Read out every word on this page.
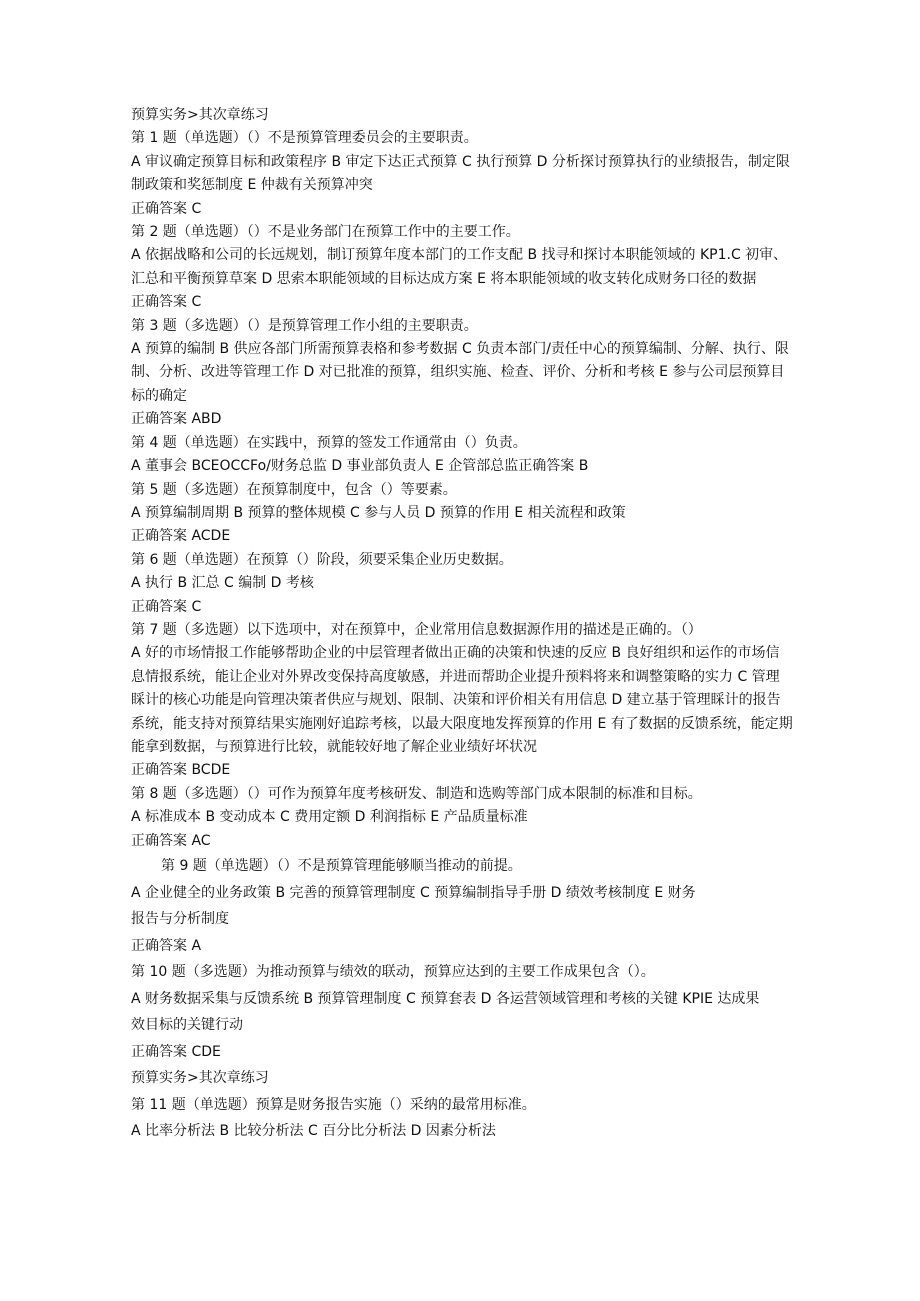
预算实务>其次章练习
第 1 题（单选题）（）不是预算管理委员会的主要职责。
A 审议确定预算目标和政策程序 B 审定下达正式预算 C 执行预算 D 分析探讨预算执行的业绩报告，制定限制政策和奖惩制度 E 仲裁有关预算冲突
正确答案 C
第 2 题（单选题）（）不是业务部门在预算工作中的主要工作。
A 依据战略和公司的长远规划，制订预算年度本部门的工作支配 B 找寻和探讨本职能领域的 KP1.C 初审、汇总和平衡预算草案 D 思索本职能领域的目标达成方案 E 将本职能领域的收支转化成财务口径的数据
正确答案 C
第 3 题（多选题）（）是预算管理工作小组的主要职责。
A 预算的编制 B 供应各部门所需预算表格和参考数据 C 负责本部门/责任中心的预算编制、分解、执行、限制、分析、改进等管理工作 D 对已批准的预算，组织实施、检查、评价、分析和考核 E 参与公司层预算目标的确定
正确答案 ABD
第 4 题（单选题）在实践中，预算的签发工作通常由（）负责。
A 董事会 BCEOCCFo/财务总监 D 事业部负责人 E 企管部总监正确答案 B
第 5 题（多选题）在预算制度中，包含（）等要素。
A 预算编制周期 B 预算的整体规模 C 参与人员 D 预算的作用 E 相关流程和政策
正确答案 ACDE
第 6 题（单选题）在预算（）阶段，须要采集企业历史数据。
A 执行 B 汇总 C 编制 D 考核
正确答案 C
第 7 题（多选题）以下选项中，对在预算中，企业常用信息数据源作用的描述是正确的。（）
A 好的市场情报工作能够帮助企业的中层管理者做出正确的决策和快速的反应 B 良好组织和运作的市场信息情报系统，能让企业对外界改变保持高度敏感，并进而帮助企业提升预料将来和调整策略的实力 C 管理睬计的核心功能是向管理决策者供应与规划、限制、决策和评价相关有用信息 D 建立基于管理睬计的报告系统，能支持对预算结果实施刚好追踪考核，以最大限度地发挥预算的作用 E 有了数据的反馈系统，能定期能拿到数据，与预算进行比较，就能较好地了解企业业绩好坏状况
正确答案 BCDE
第 8 题（多选题）（）可作为预算年度考核研发、制造和选购等部门成本限制的标准和目标。
A 标准成本 B 变动成本 C 费用定额 D 利润指标 E 产品质量标准
正确答案 AC
第 9 题（单选题）（）不是预算管理能够顺当推动的前提。
A 企业健全的业务政策 B 完善的预算管理制度 C 预算编制指导手册 D 绩效考核制度 E 财务
报告与分析制度
正确答案 A
第 10 题（多选题）为推动预算与绩效的联动，预算应达到的主要工作成果包含（）。
A 财务数据采集与反馈系统 B 预算管理制度 C 预算套表 D 各运营领域管理和考核的关键 KPIE 达成果
效目标的关键行动
正确答案 CDE
预算实务>其次章练习
第 11 题（单选题）预算是财务报告实施（）采纳的最常用标准。
A 比率分析法 B 比较分析法 C 百分比分析法 D 因素分析法
